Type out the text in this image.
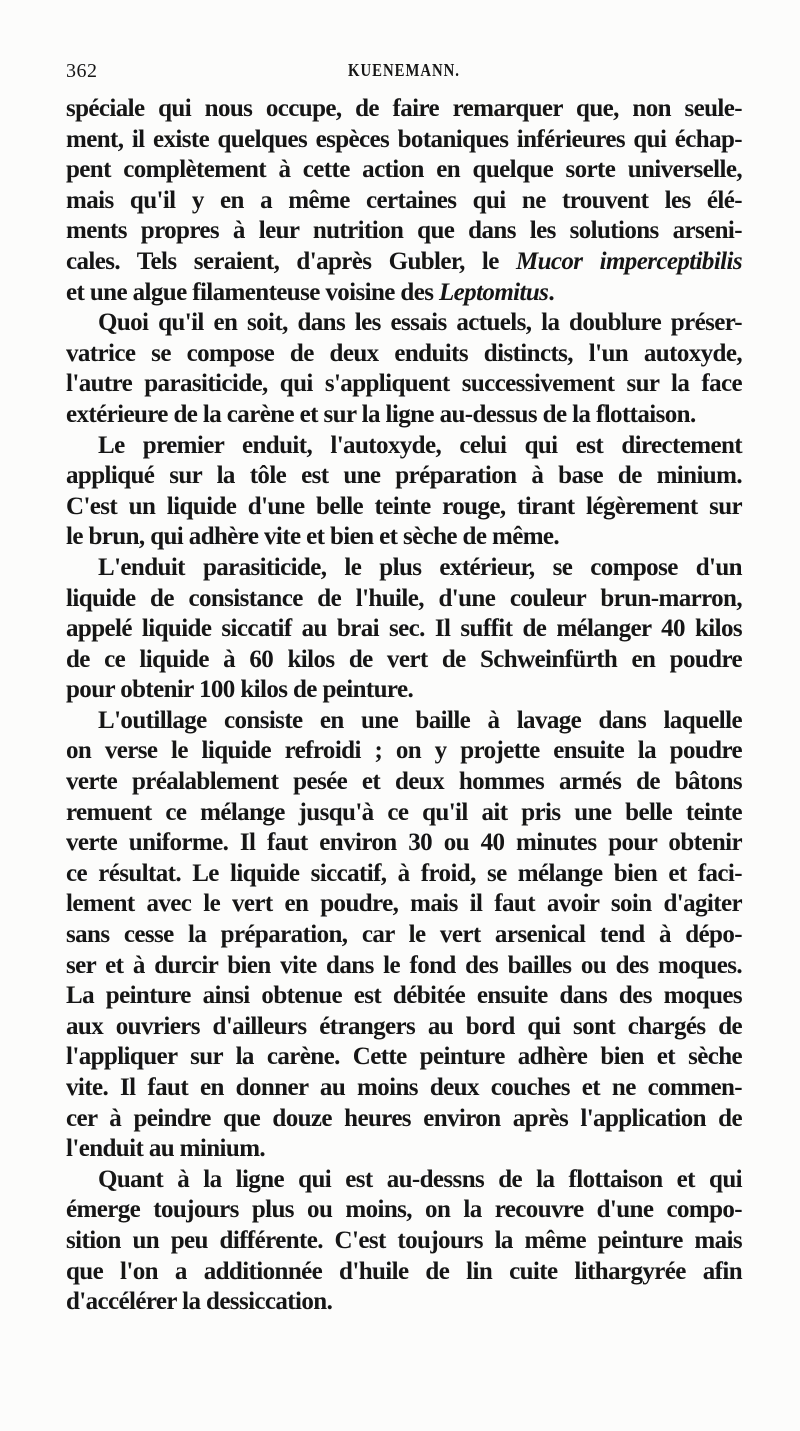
362	KUENEMANN.

spéciale qui nous occupe, de faire remarquer que, non seule-
ment, il existe quelques espèces botaniques inférieures qui échap-
pent complètement à cette action en quelque sorte universelle,
mais qu'il y en a même certaines qui ne trouvent les élé-
ments propres à leur nutrition que dans les solutions arseni-
cales. Tels seraient, d'après Gubler, le Mucor imperceptibilis
et une algue filamenteuse voisine des Leptomitus.

Quoi qu'il en soit, dans les essais actuels, la doublure préser-
vatrice se compose de deux enduits distincts, l'un autoxyde,
l'autre parasiticide, qui s'appliquent successivement sur la face
extérieure de la carène et sur la ligne au-dessus de la flottaison.

Le premier enduit, l'autoxyde, celui qui est directement
appliqué sur la tôle est une préparation à base de minium.
C'est un liquide d'une belle teinte rouge, tirant légèrement sur
le brun, qui adhère vite et bien et sèche de même.

L'enduit parasiticide, le plus extérieur, se compose d'un
liquide de consistance de l'huile, d'une couleur brun-marron,
appelé liquide siccatif au brai sec. Il suffit de mélanger 40 kilos
de ce liquide à 60 kilos de vert de Schweinfürth en poudre
pour obtenir 100 kilos de peinture.

L'outillage consiste en une baille à lavage dans laquelle
on verse le liquide refroidi ; on y projette ensuite la poudre
verte préalablement pesée et deux hommes armés de bâtons
remuent ce mélange jusqu'à ce qu'il ait pris une belle teinte
verte uniforme. Il faut environ 30 ou 40 minutes pour obtenir
ce résultat. Le liquide siccatif, à froid, se mélange bien et faci-
lement avec le vert en poudre, mais il faut avoir soin d'agiter
sans cesse la préparation, car le vert arsenical tend à dépo-
ser et à durcir bien vite dans le fond des bailles ou des moques.
La peinture ainsi obtenue est débitée ensuite dans des moques
aux ouvriers d'ailleurs étrangers au bord qui sont chargés de
l'appliquer sur la carène. Cette peinture adhère bien et sèche
vite. Il faut en donner au moins deux couches et ne commen-
cer à peindre que douze heures environ après l'application de
l'enduit au minium.

Quant à la ligne qui est au-dessns de la flottaison et qui
émerge toujours plus ou moins, on la recouvre d'une compo-
sition un peu différente. C'est toujours la même peinture mais
que l'on a additionnée d'huile de lin cuite lithargyrée afin
d'accélérer la dessiccation.
